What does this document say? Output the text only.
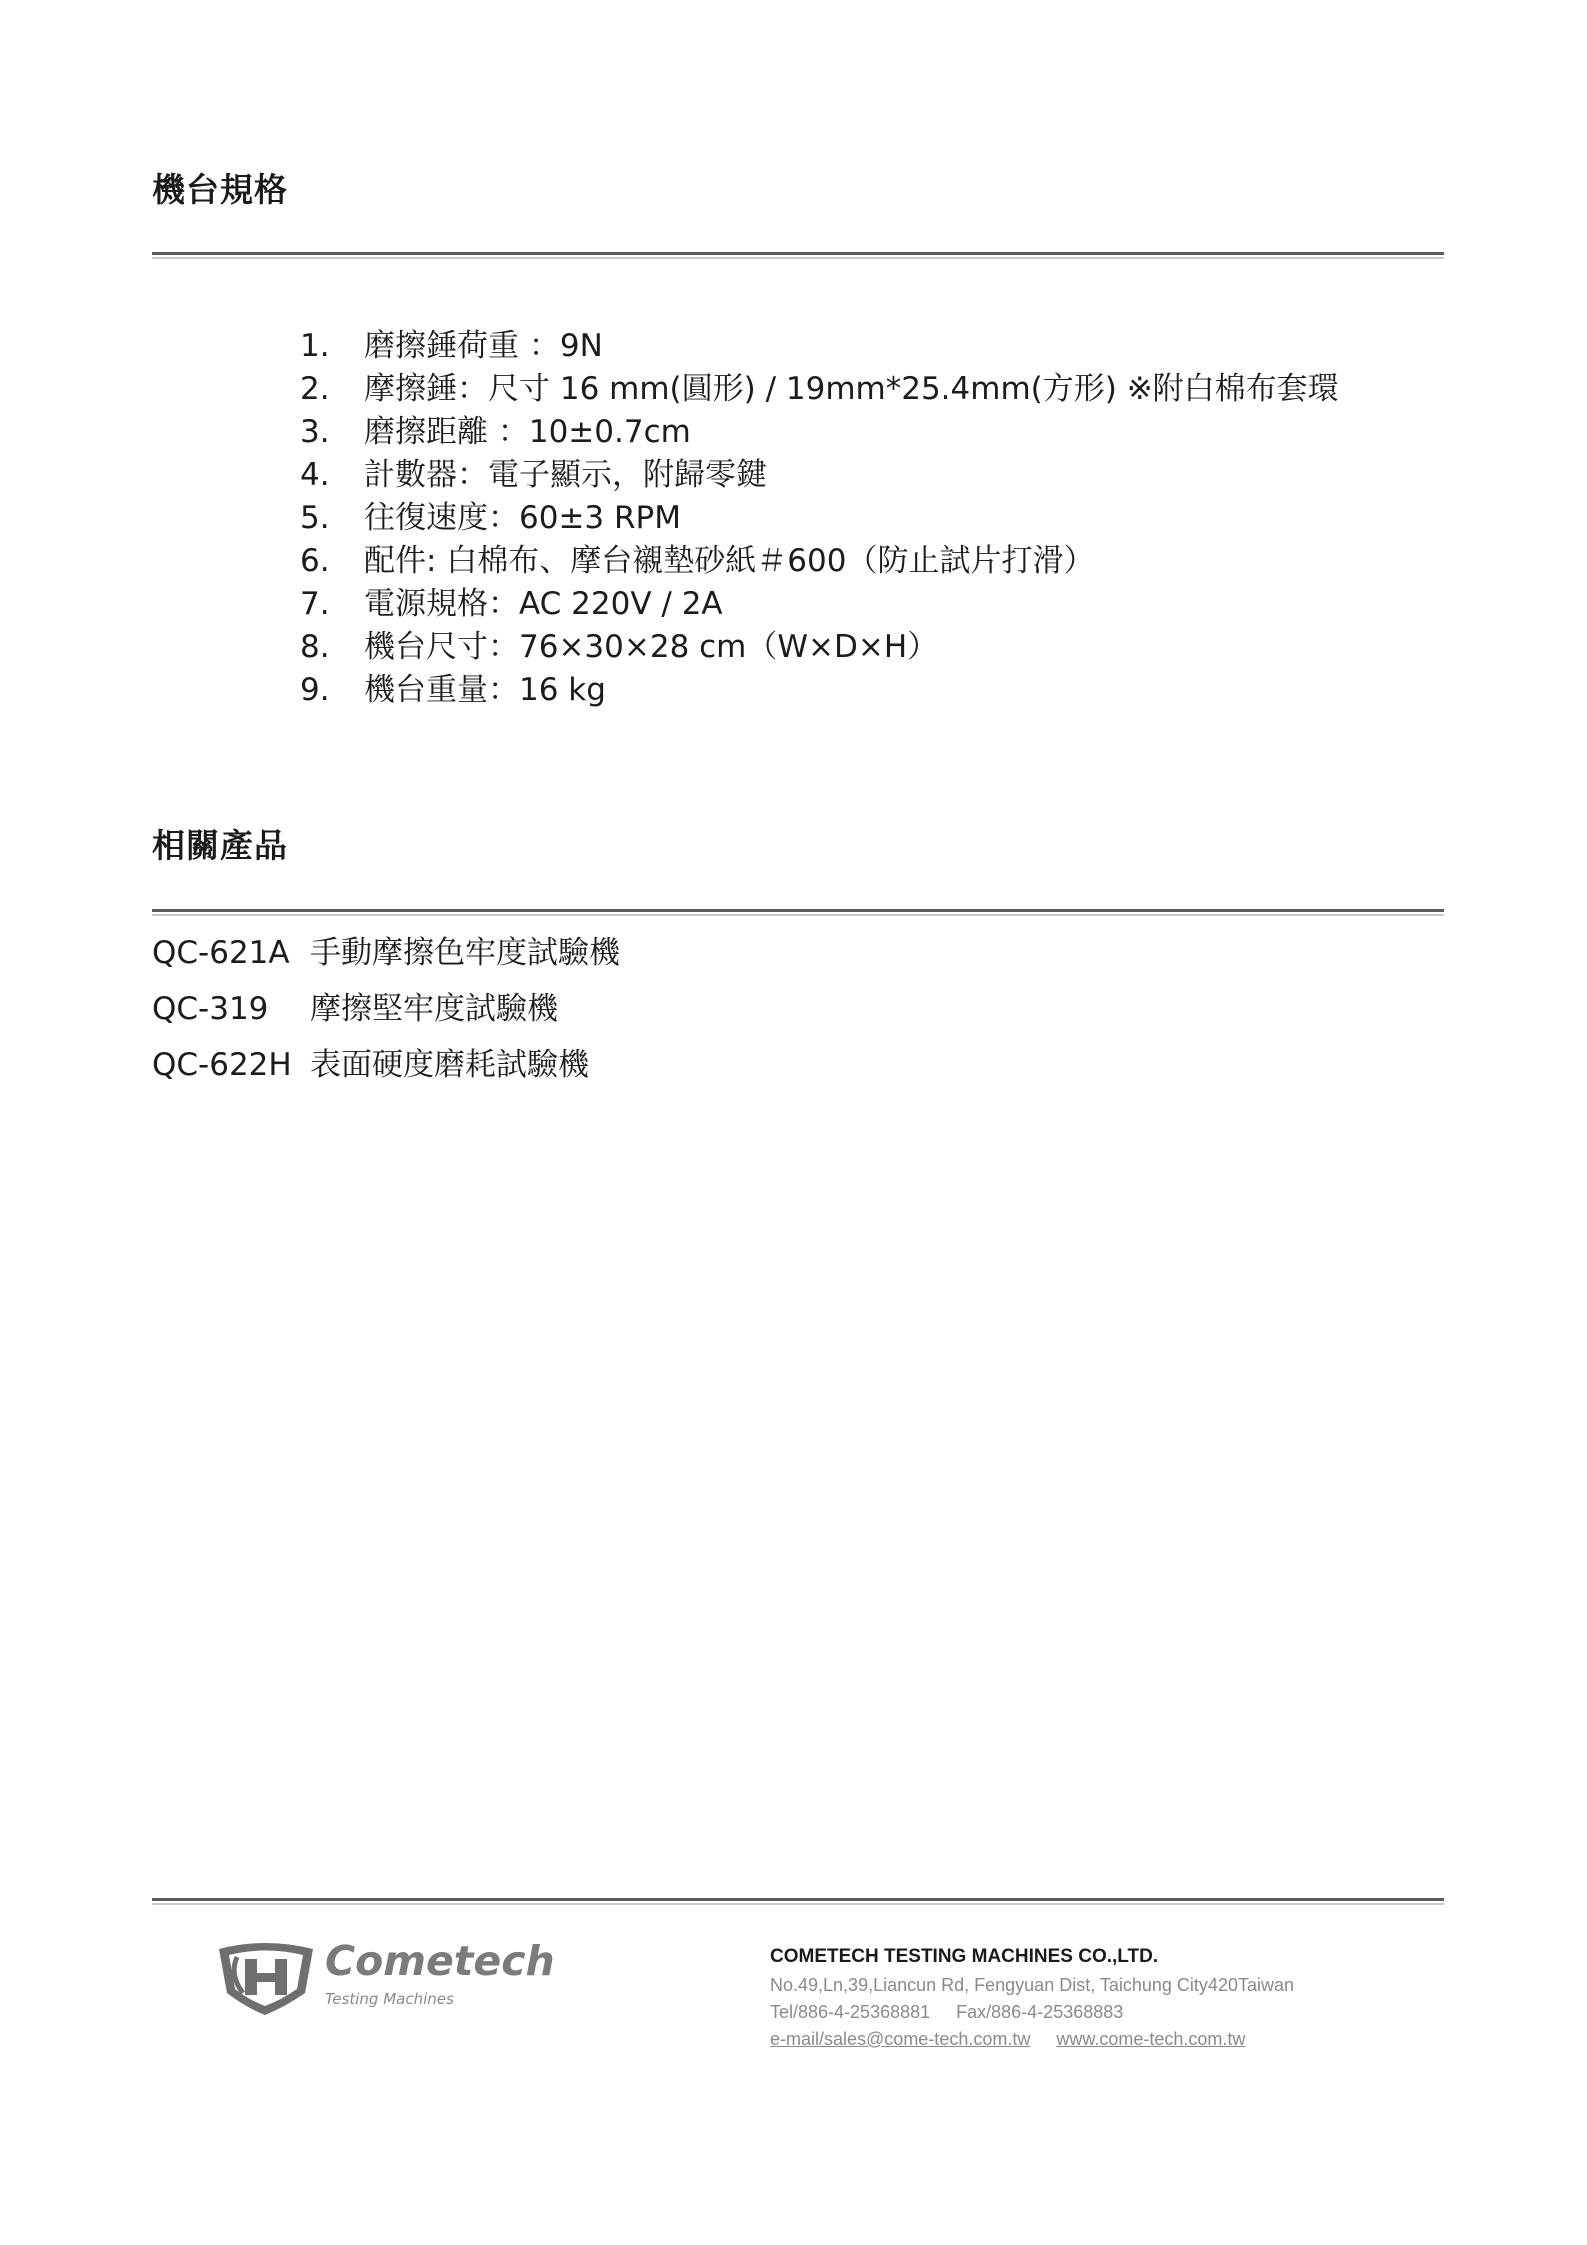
機台規格
1. 磨擦錘荷重 ：9N
2. 摩擦錘：尺寸 16 mm(圓形) / 19mm*25.4mm(方形) ※附白棉布套環
3. 磨擦距離 ：10±0.7cm
4. 計數器：電子顯示，附歸零鍵
5. 往復速度：60±3 RPM
6. 配件: 白棉布、摩台襯墊砂紙＃600（防止試片打滑）
7. 電源規格：AC 220V / 2A
8. 機台尺寸：76×30×28 cm（W×D×H）
9. 機台重量：16 kg
相關產品
QC-621A 手動摩擦色牢度試驗機
QC-319 摩擦堅牢度試驗機
QC-622H 表面硬度磨耗試驗機
Cometech
Testing Machines
COMETECH TESTING MACHINES CO.,LTD.
No.49,Ln,39,Liancun Rd, Fengyuan Dist, Taichung City420Taiwan
Tel/886-4-25368881 Fax/886-4-25368883
e-mail/sales@come-tech.com.tw www.come-tech.com.tw
